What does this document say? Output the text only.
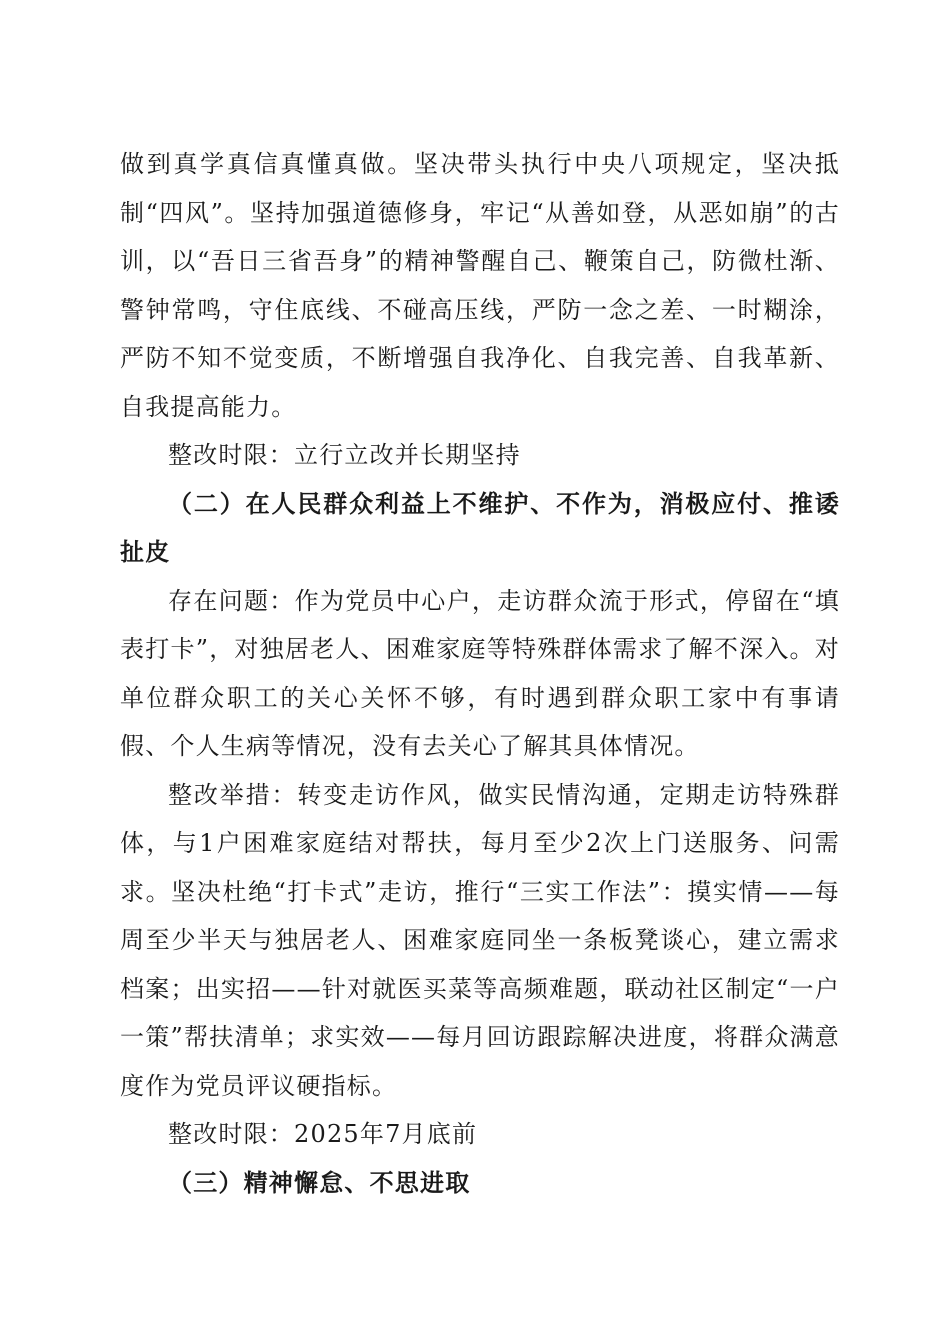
做到真学真信真懂真做。坚决带头执行中央八项规定，坚决抵制“四风”。坚持加强道德修身，牢记“从善如登，从恶如崩”的古训，以“吾日三省吾身”的精神警醒自己、鞭策自己，防微杜渐、警钟常鸣，守住底线、不碰高压线，严防一念之差、一时糊涂，严防不知不觉变质，不断增强自我净化、自我完善、自我革新、自我提高能力。

整改时限：立行立改并长期坚持

（二）在人民群众利益上不维护、不作为，消极应付、推诿扯皮

存在问题：作为党员中心户，走访群众流于形式，停留在“填表打卡”，对独居老人、困难家庭等特殊群体需求了解不深入。对单位群众职工的关心关怀不够，有时遇到群众职工家中有事请假、个人生病等情况，没有去关心了解其具体情况。

整改举措：转变走访作风，做实民情沟通，定期走访特殊群体，与1户困难家庭结对帮扶，每月至少2次上门送服务、问需求。坚决杜绝“打卡式”走访，推行“三实工作法”：摸实情——每周至少半天与独居老人、困难家庭同坐一条板凳谈心，建立需求档案；出实招——针对就医买菜等高频难题，联动社区制定“一户一策”帮扶清单；求实效——每月回访跟踪解决进度，将群众满意度作为党员评议硬指标。

整改时限：2025年7月底前

（三）精神懈怠、不思进取
